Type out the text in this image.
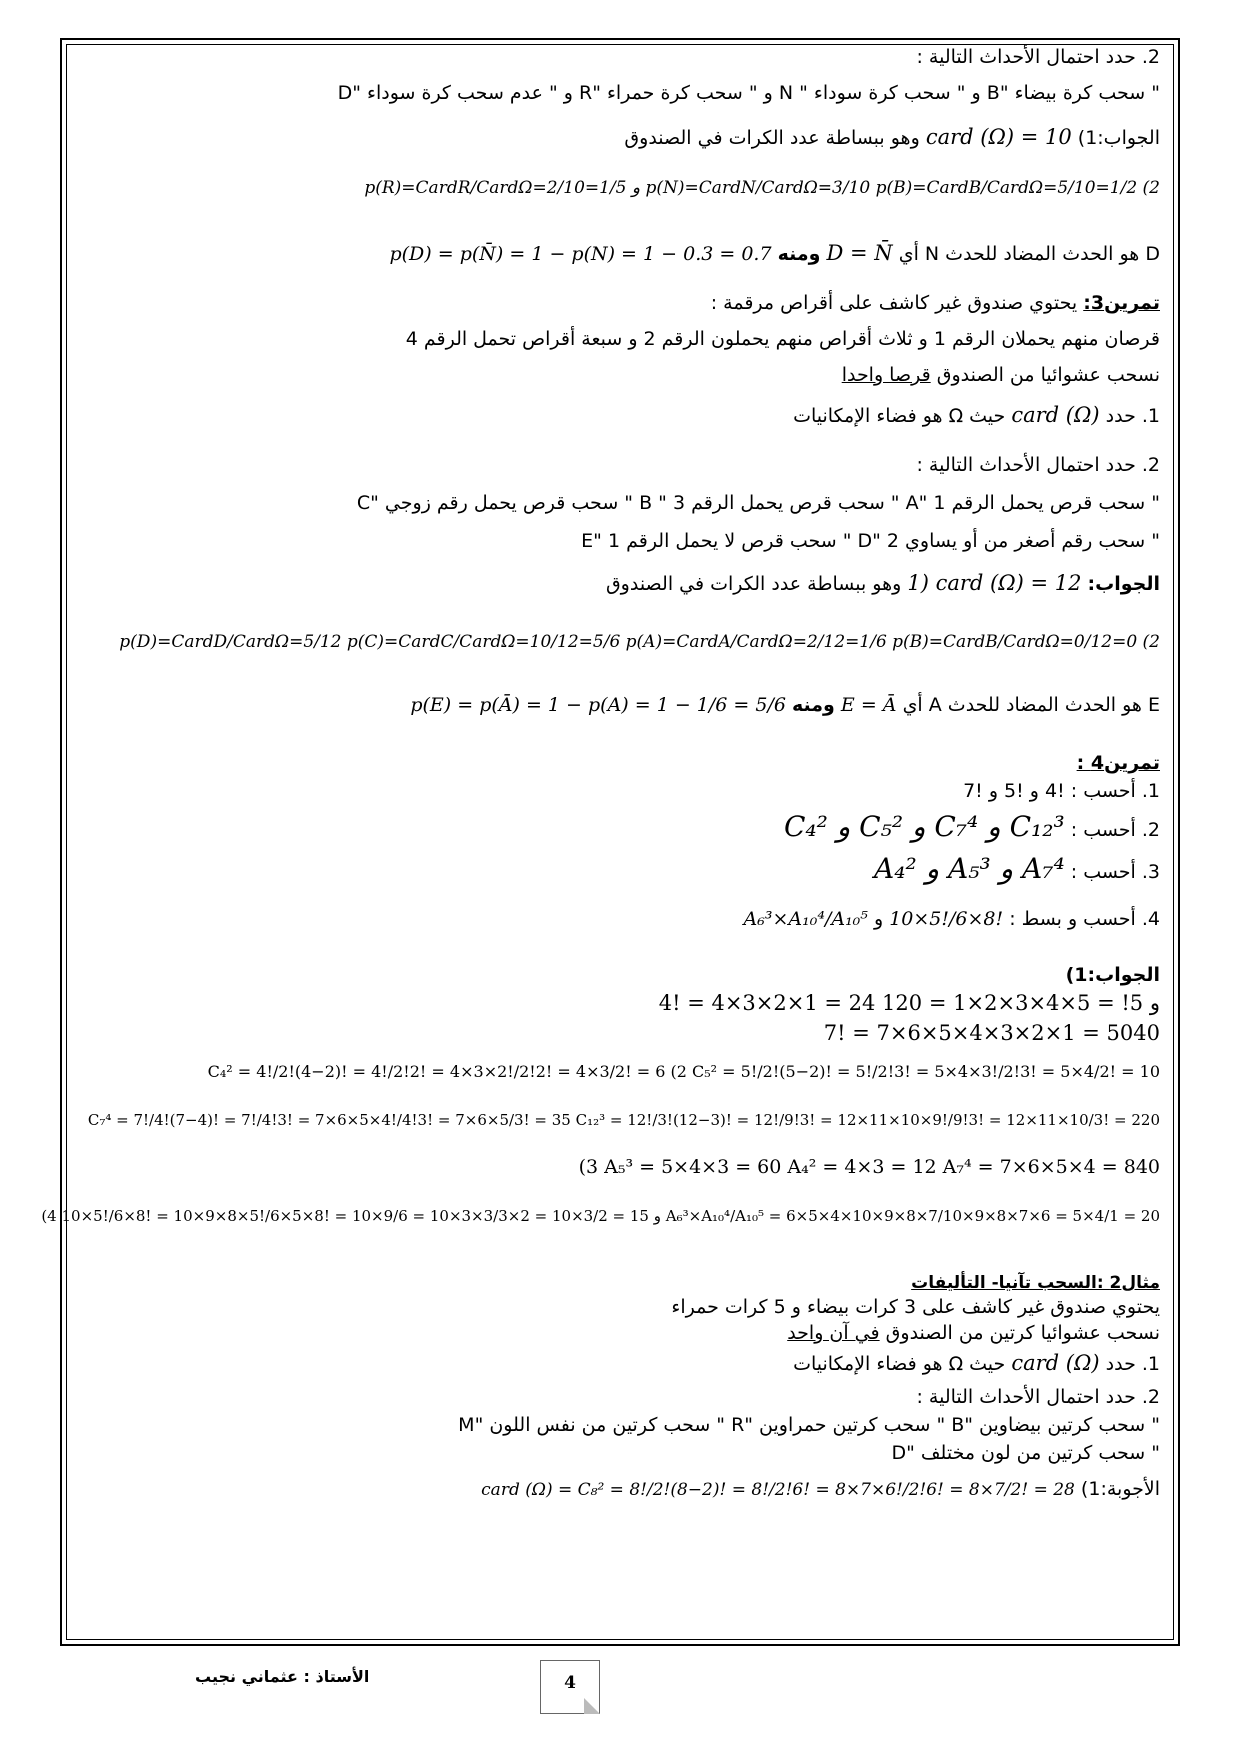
2. حدد احتمال الأحداث التالية :
" سحب كرة بيضاء "B و " سحب كرة سوداء " N و " سحب كرة حمراء "R و " عدم سحب كرة سوداء "D
الجواب:1) card (Ω) = 10 وهو ببساطة عدد الكرات في الصندوق
p(R)=CardR/CardΩ=2/10=1/5 و p(N)=CardN/CardΩ=3/10 p(B)=CardB/CardΩ=5/10=1/2 (2
D هو الحدث المضاد للحدث N أي D = N̄ ومنه p(D) = p(N̄) = 1 − p(N) = 1 − 0.3 = 0.7
تمرين3: يحتوي صندوق غير كاشف على أقراص مرقمة :
قرصان منهم يحملان الرقم 1 و ثلاث أقراص منهم يحملون الرقم 2 و سبعة أقراص تحمل الرقم 4
نسحب عشوائيا من الصندوق قرصا واحدا
1. حدد card (Ω) حيث Ω هو فضاء الإمكانيات
2. حدد احتمال الأحداث التالية :
" سحب قرص يحمل الرقم 1 "A " سحب قرص يحمل الرقم 3 " B " سحب قرص يحمل رقم زوجي "C
" سحب رقم أصغر من أو يساوي 2 "D " سحب قرص لا يحمل الرقم 1 "E
الجواب: 1) card (Ω) = 12 وهو ببساطة عدد الكرات في الصندوق
p(D)=CardD/CardΩ=5/12 p(C)=CardC/CardΩ=10/12=5/6 p(A)=CardA/CardΩ=2/12=1/6 p(B)=CardB/CardΩ=0/12=0 (2
E هو الحدث المضاد للحدث A أي E = Ā ومنه p(E) = p(Ā) = 1 − p(A) = 1 − 1/6 = 5/6
تمرين4 :
1. أحسب : !4 و !5 و !7
2. أحسب : C₄² و C₅² و C₇⁴ و C₁₂³
3. أحسب : A₄² و A₅³ و A₇⁴
4. أحسب و بسط : 10×5!/6×8! و A₆³×A₁₀⁴/A₁₀⁵
الجواب:1)
4! = 4×3×2×1 = 24 و 5! = 5×4×3×2×1 = 120
7! = 7×6×5×4×3×2×1 = 5040
C₄² = 4!/2!(4−2)! = 4!/2!2! = 4×3×2!/2!2! = 4×3/2! = 6 (2 C₅² = 5!/2!(5−2)! = 5!/2!3! = 5×4×3!/2!3! = 5×4/2! = 10
C₇⁴ = 7!/4!(7−4)! = 7!/4!3! = 7×6×5×4!/4!3! = 7×6×5/3! = 35 C₁₂³ = 12!/3!(12−3)! = 12!/9!3! = 12×11×10×9!/9!3! = 12×11×10/3! = 220
(3 A₅³ = 5×4×3 = 60 A₄² = 4×3 = 12 A₇⁴ = 7×6×5×4 = 840
(4 10×5!/6×8! = 10×9×8×5!/6×5×8! = 10×9/6 = 10×3×3/3×2 = 10×3/2 = 15 و A₆³×A₁₀⁴/A₁₀⁵ = 6×5×4×10×9×8×7/10×9×8×7×6 = 5×4/1 = 20
مثال2 :السحب تآنيا- التأليفات
يحتوي صندوق غير كاشف على 3 كرات بيضاء و 5 كرات حمراء
نسحب عشوائيا كرتين من الصندوق في آن واحد
1. حدد card (Ω) حيث Ω هو فضاء الإمكانيات
2. حدد احتمال الأحداث التالية :
" سحب كرتين بيضاوين "B " سحب كرتين حمراوين "R " سحب كرتين من نفس اللون "M
" سحب كرتين من لون مختلف "D
الأجوبة:1) card (Ω) = C₈² = 8!/2!(8−2)! = 8!/2!6! = 8×7×6!/2!6! = 8×7/2! = 28
الأستاذ : عثماني نجيب	4
